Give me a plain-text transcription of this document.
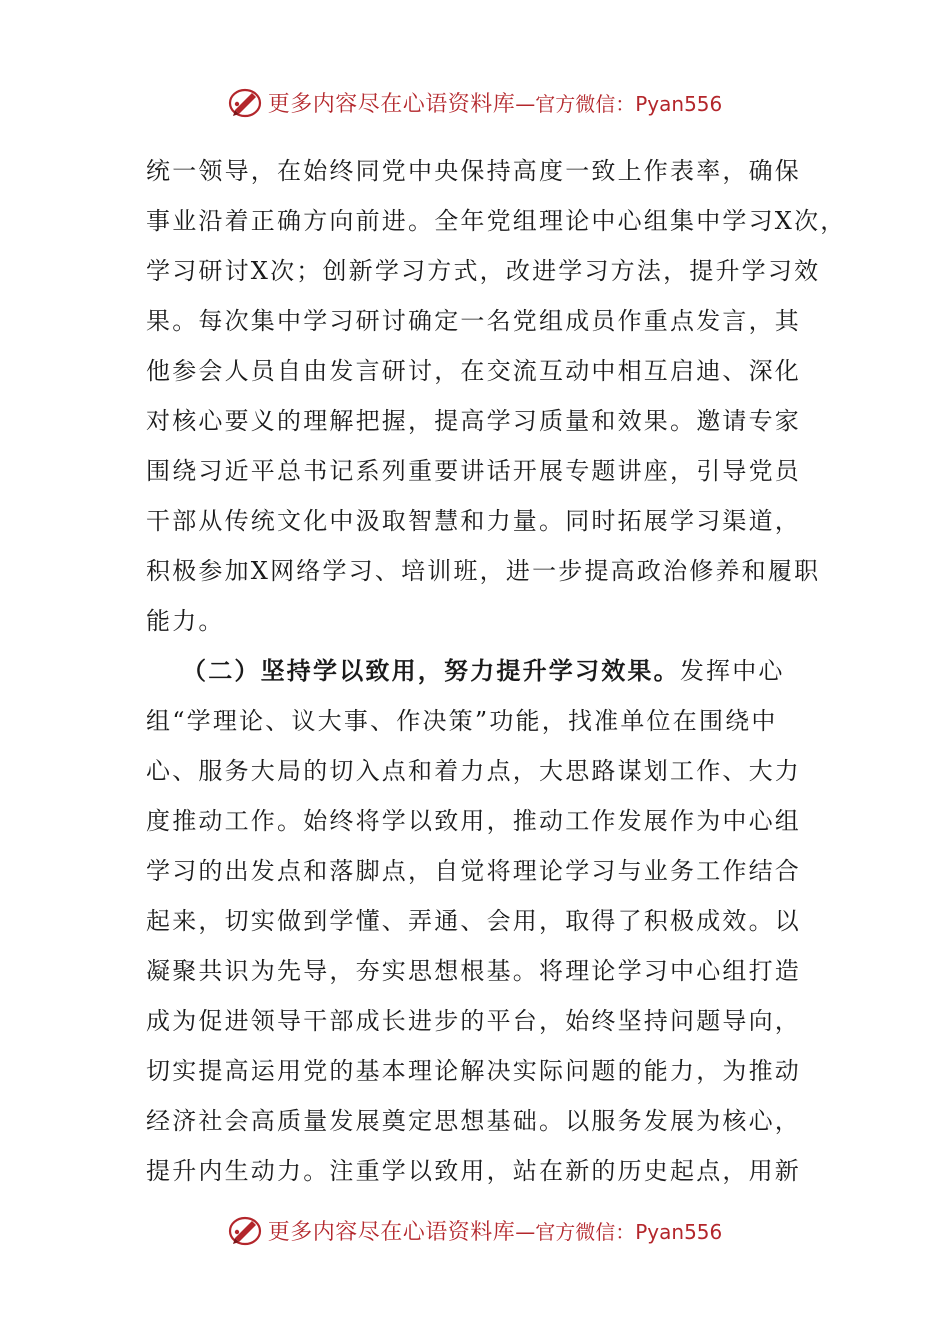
更多内容尽在心语资料库 —官方微信：Pyan556
统一领导，在始终同党中央保持高度一致上作表率，确保
事业沿着正确方向前进。全年党组理论中心组集中学习X次，
学习研讨X次；创新学习方式，改进学习方法，提升学习效
果。每次集中学习研讨确定一名党组成员作重点发言，其
他参会人员自由发言研讨，在交流互动中相互启迪、深化
对核心要义的理解把握，提高学习质量和效果。邀请专家
围绕习近平总书记系列重要讲话开展专题讲座，引导党员
干部从传统文化中汲取智慧和力量。同时拓展学习渠道，
积极参加X网络学习、培训班，进一步提高政治修养和履职
能力。
（二）坚持学以致用，努力提升学习效果。发挥中心
组“学理论、议大事、作决策”功能，找准单位在围绕中
心、服务大局的切入点和着力点，大思路谋划工作、大力
度推动工作。始终将学以致用，推动工作发展作为中心组
学习的出发点和落脚点，自觉将理论学习与业务工作结合
起来，切实做到学懂、弄通、会用，取得了积极成效。以
凝聚共识为先导，夯实思想根基。将理论学习中心组打造
成为促进领导干部成长进步的平台，始终坚持问题导向，
切实提高运用党的基本理论解决实际问题的能力，为推动
经济社会高质量发展奠定思想基础。以服务发展为核心，
提升内生动力。注重学以致用，站在新的历史起点，用新
更多内容尽在心语资料库 —官方微信：Pyan556
